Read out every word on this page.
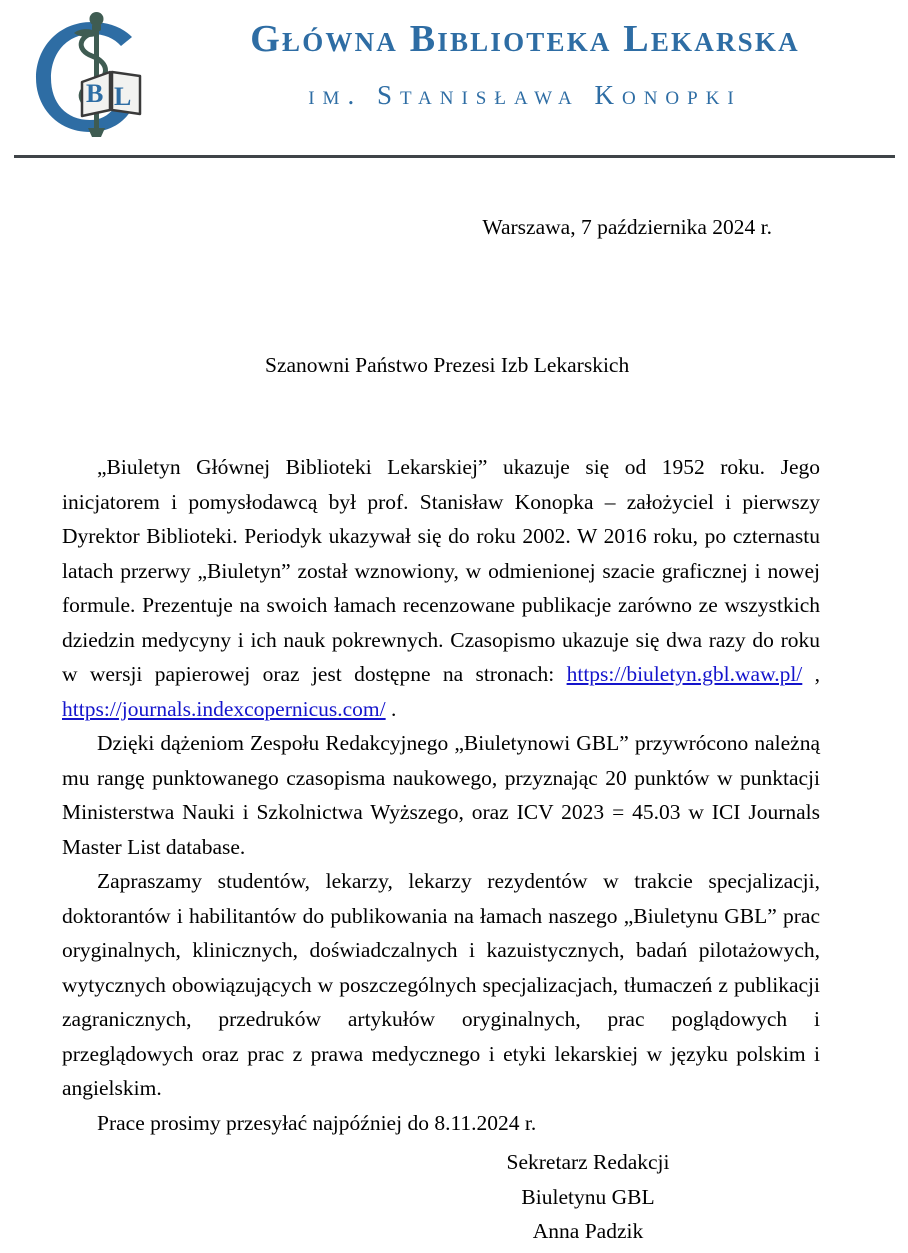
B L
Główna Biblioteka Lekarska
im. Stanisława Konopki
Warszawa, 7 października 2024 r.
Szanowni Państwo Prezesi Izb Lekarskich

„Biuletyn Głównej Biblioteki Lekarskiej” ukazuje się od 1952 roku. Jego inicjatorem i pomysłodawcą był prof. Stanisław Konopka – założyciel i pierwszy Dyrektor Biblioteki. Periodyk ukazywał się do roku 2002. W 2016 roku, po czternastu latach przerwy „Biuletyn” został wznowiony, w odmienionej szacie graficznej i nowej formule. Prezentuje na swoich łamach recenzowane publikacje zarówno ze wszystkich dziedzin medycyny i ich nauk pokrewnych. Czasopismo ukazuje się dwa razy do roku w wersji papierowej oraz jest dostępne na stronach: https://biuletyn.gbl.waw.pl/ , https://journals.indexcopernicus.com/ .

Dzięki dążeniom Zespołu Redakcyjnego „Biuletynowi GBL” przywrócono należną mu rangę punktowanego czasopisma naukowego, przyznając 20 punktów w punktacji Ministerstwa Nauki i Szkolnictwa Wyższego, oraz ICV 2023 = 45.03 w ICI Journals Master List database.

Zapraszamy studentów, lekarzy, lekarzy rezydentów w trakcie specjalizacji, doktorantów i habilitantów do publikowania na łamach naszego „Biuletynu GBL” prac oryginalnych, klinicznych, doświadczalnych i kazuistycznych, badań pilotażowych, wytycznych obowiązujących w poszczególnych specjalizacjach, tłumaczeń z publikacji zagranicznych, przedruków artykułów oryginalnych, prac poglądowych i przeglądowych oraz prac z prawa medycznego i etyki lekarskiej w języku polskim i angielskim.

Prace prosimy przesyłać najpóźniej do 8.11.2024 r.

Sekretarz Redakcji
Biuletynu GBL
Anna Padzik
